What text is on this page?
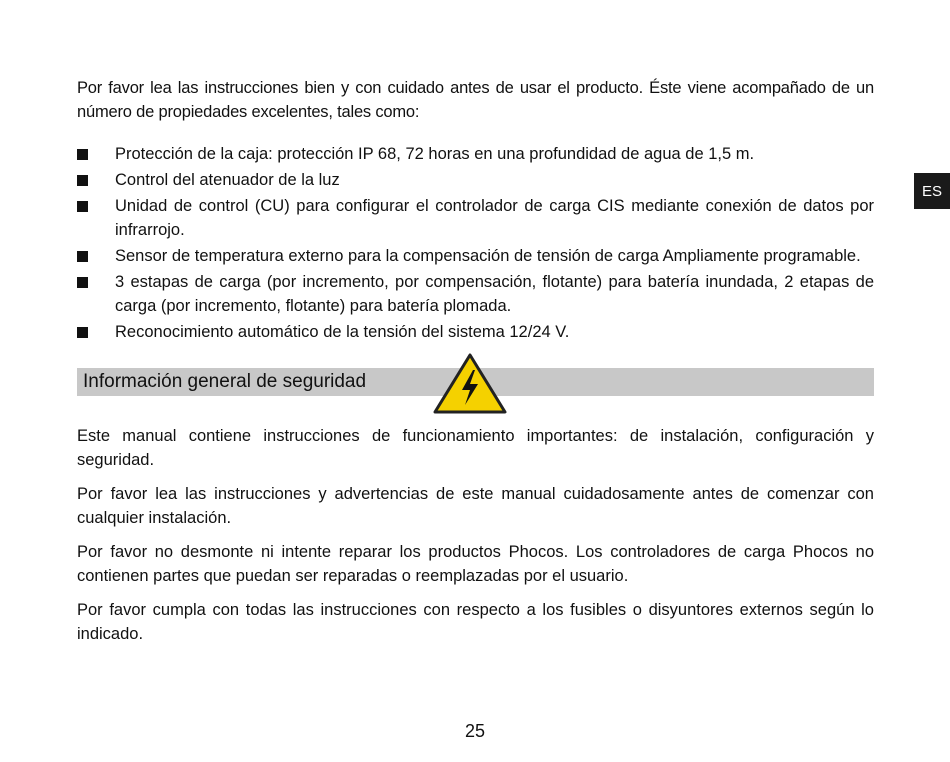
Por favor lea las instrucciones bien y con cuidado antes de usar el producto. Éste viene acompañado de un número de propiedades excelentes, tales como:

Protección de la caja: protección IP 68, 72 horas en una profundidad de agua de 1,5 m.
Control del atenuador de la luz
Unidad de control (CU) para configurar el controlador de carga CIS mediante conexión de datos por infrarrojo.
Sensor de temperatura externo para la compensación de tensión de carga Ampliamente programable.
3 estapas de carga (por incremento, por compensación, flotante) para batería inundada, 2 etapas de carga (por incremento, flotante) para batería plomada.
Reconocimiento automático de la tensión del sistema 12/24 V.
Información general de seguridad

Este manual contiene instrucciones de funcionamiento importantes: de instalación, configuración y seguridad.

Por favor lea las instrucciones y advertencias de este manual cuidadosamente antes de comenzar con cualquier instalación.

Por favor no desmonte ni intente reparar los productos Phocos. Los controladores de carga Phocos no contienen partes que puedan ser reparadas o reemplazadas por el usuario.

Por favor cumpla con todas las instrucciones con respecto a los fusibles o disyuntores externos según lo indicado.

ES
25
